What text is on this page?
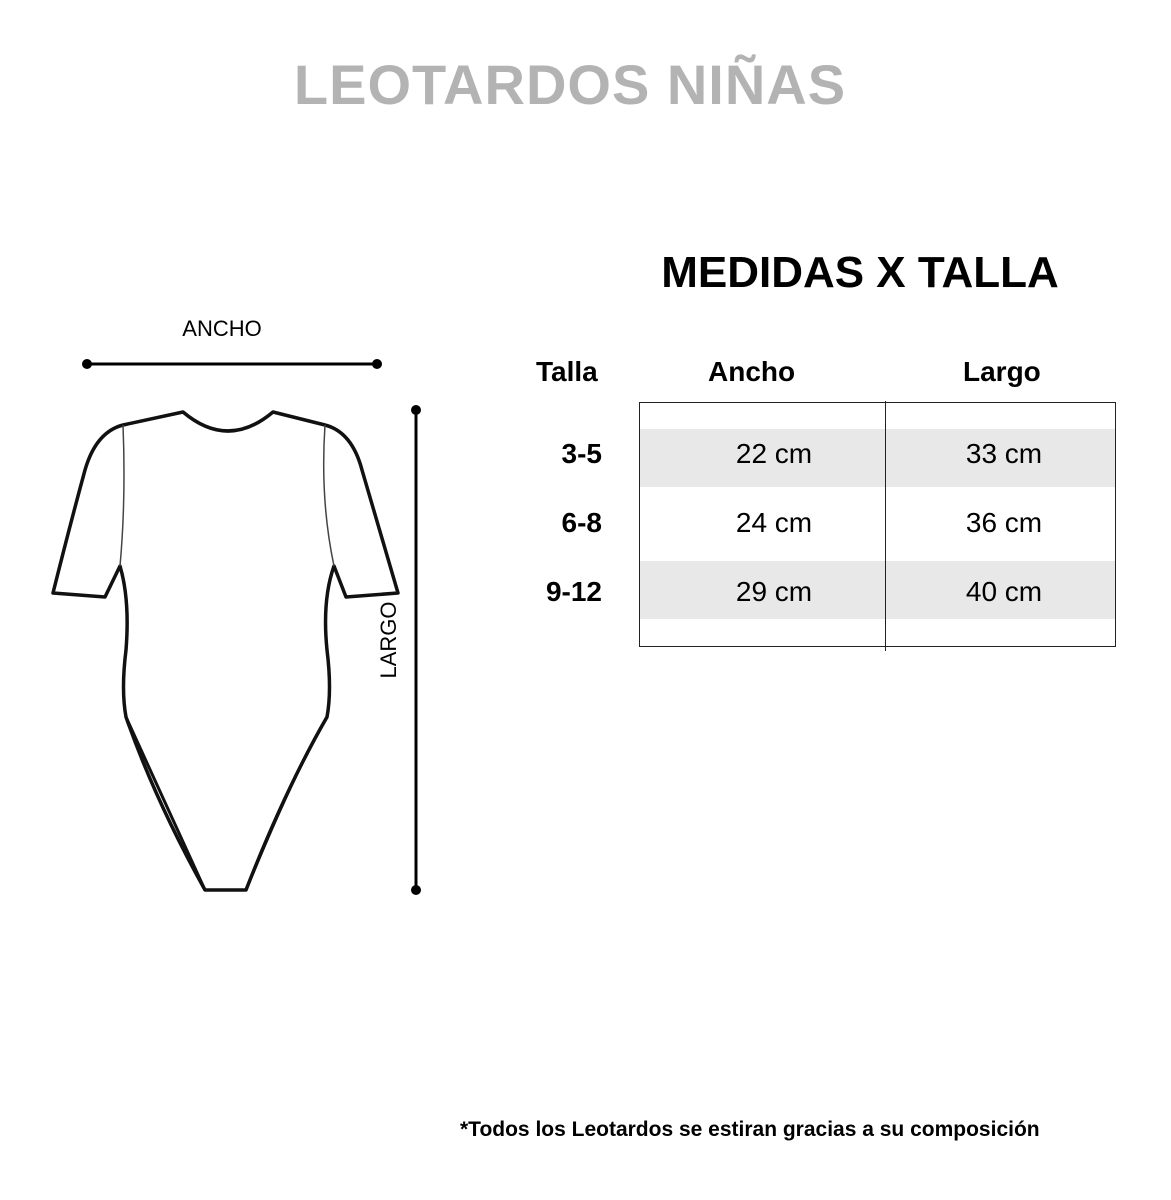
LEOTARDOS NIÑAS
ANCHO
LARGO
MEDIDAS X TALLA
Talla	Ancho	Largo
3-5	22 cm	33 cm
6-8	24 cm	36 cm
9-12	29 cm	40 cm
*Todos los Leotardos se estiran gracias a su composición
